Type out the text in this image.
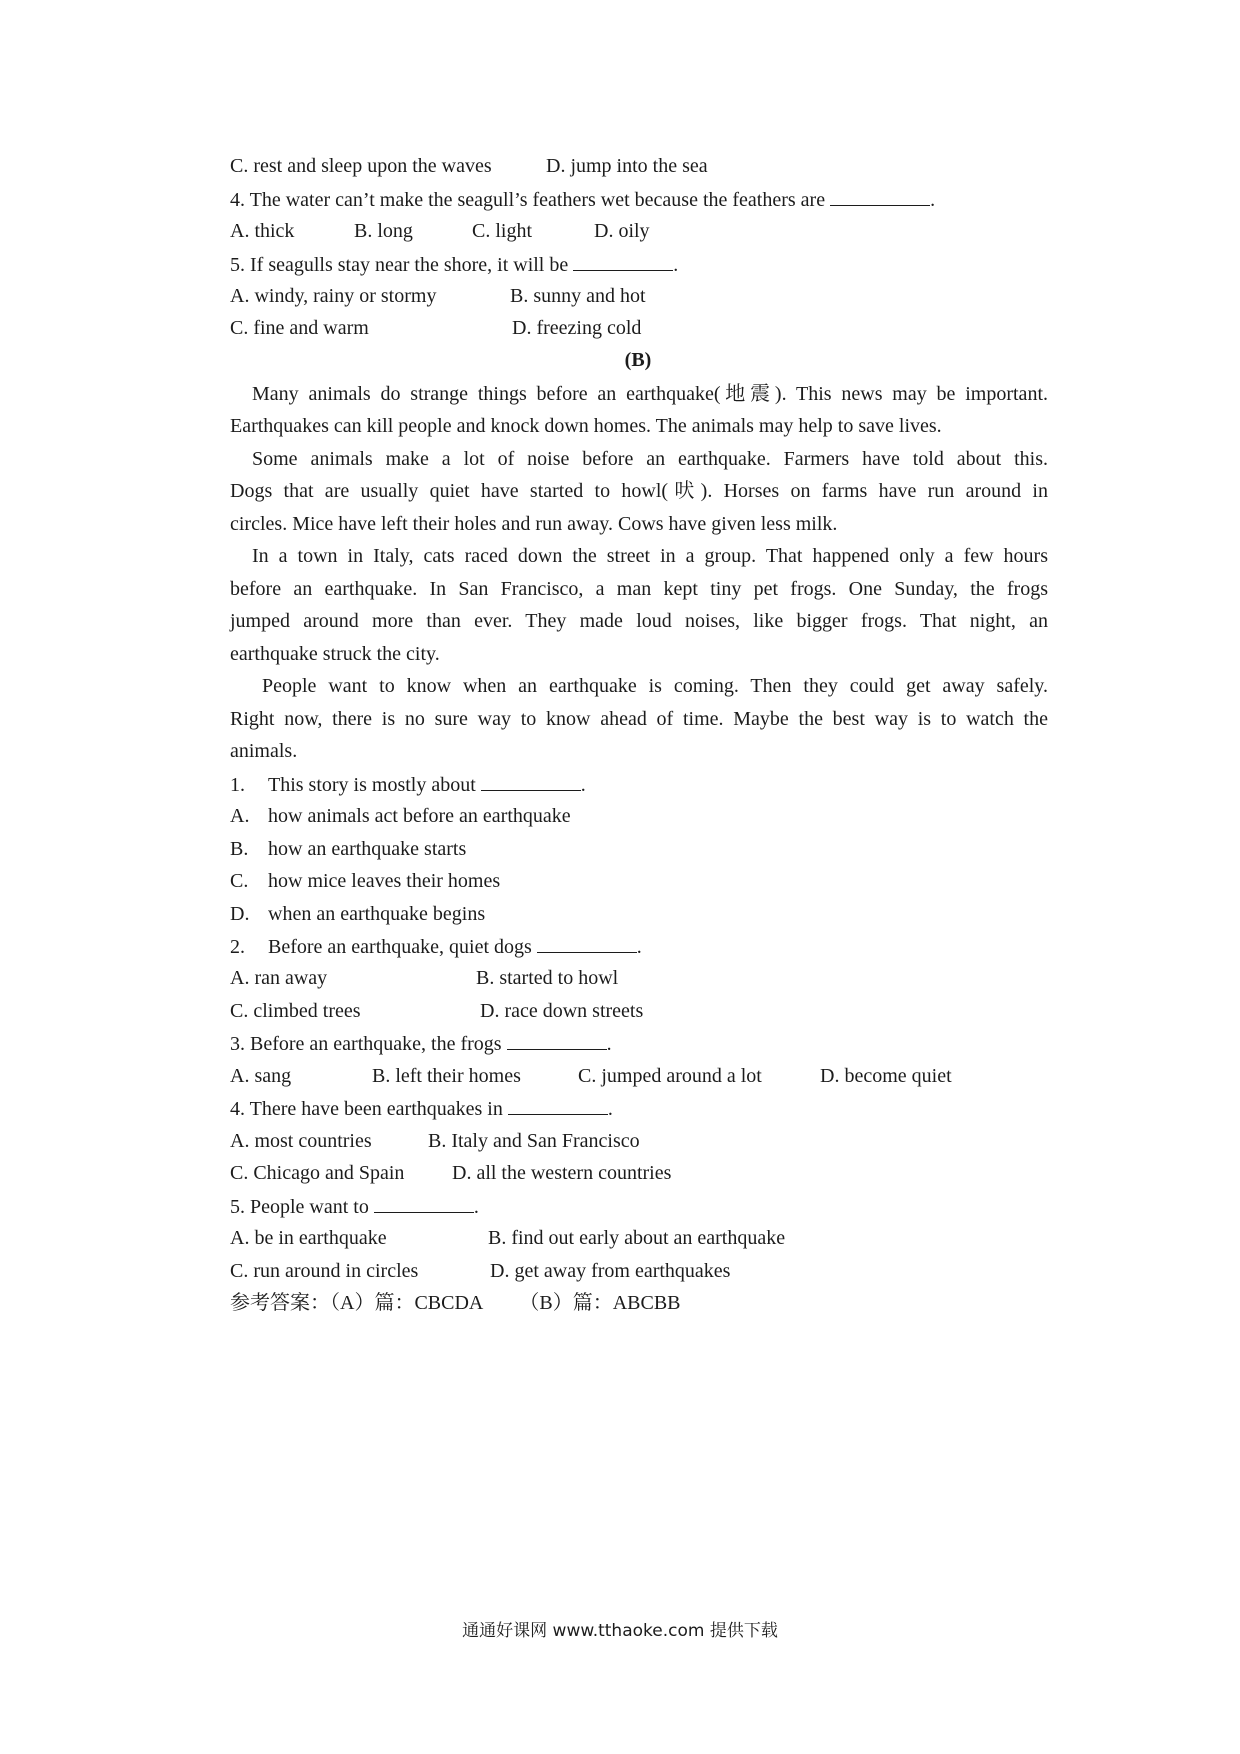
C. rest and sleep upon the waves	D. jump into the sea
4. The water can’t make the seagull’s feathers wet because the feathers are	.
A. thick	B. long	C. light	D. oily
5. If seagulls stay near the shore, it will be	.
A. windy, rainy or stormy	B. sunny and hot
C. fine and warm	D. freezing cold
(B)
Many animals do strange things before an earthquake(地震). This news may be important.
Earthquakes can kill people and knock down homes. The animals may help to save lives.
Some animals make a lot of noise before an earthquake. Farmers have told about this.
Dogs that are usually quiet have started to howl(吠). Horses on farms have run around in
circles. Mice have left their holes and run away. Cows have given less milk.
In a town in Italy, cats raced down the street in a group. That happened only a few hours
before an earthquake. In San Francisco, a man kept tiny pet frogs. One Sunday, the frogs
jumped around more than ever. They made loud noises, like bigger frogs. That night, an
earthquake struck the city.
People want to know when an earthquake is coming. Then they could get away safely.
Right now, there is no sure way to know ahead of time. Maybe the best way is to watch the
animals.
1. This story is mostly about	.
A. how animals act before an earthquake
B. how an earthquake starts
C. how mice leaves their homes
D. when an earthquake begins
2. Before an earthquake, quiet dogs	.
A. ran away	B. started to howl
C. climbed trees	D. race down streets
3. Before an earthquake, the frogs	.
A. sang	B. left their homes	C. jumped around a lot	D. become quiet
4. There have been earthquakes in	.
A. most countries	B. Italy and San Francisco
C. Chicago and Spain D. all the western countries
5. People want to	.
A. be in earthquake	B. find out early about an earthquake
C. run around in circles	D. get away from earthquakes
参考答案：（A）篇：CBCDA （B）篇：ABCBB
通通好课网 www.tthaoke.com 提供下载
